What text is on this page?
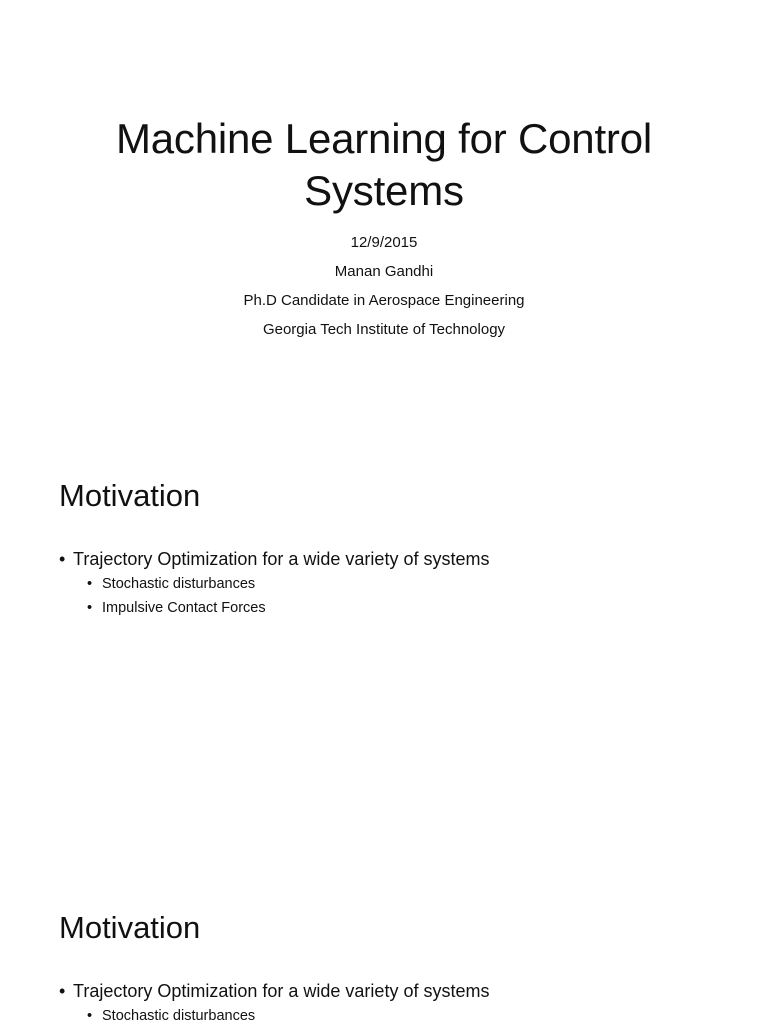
Machine Learning for Control
Systems
12/9/2015
Manan Gandhi
Ph.D Candidate in Aerospace Engineering
Georgia Tech Institute of Technology
Motivation
• Trajectory Optimization for a wide variety of systems
• Stochastic disturbances
• Impulsive Contact Forces
Motivation
• Trajectory Optimization for a wide variety of systems
• Stochastic disturbances
